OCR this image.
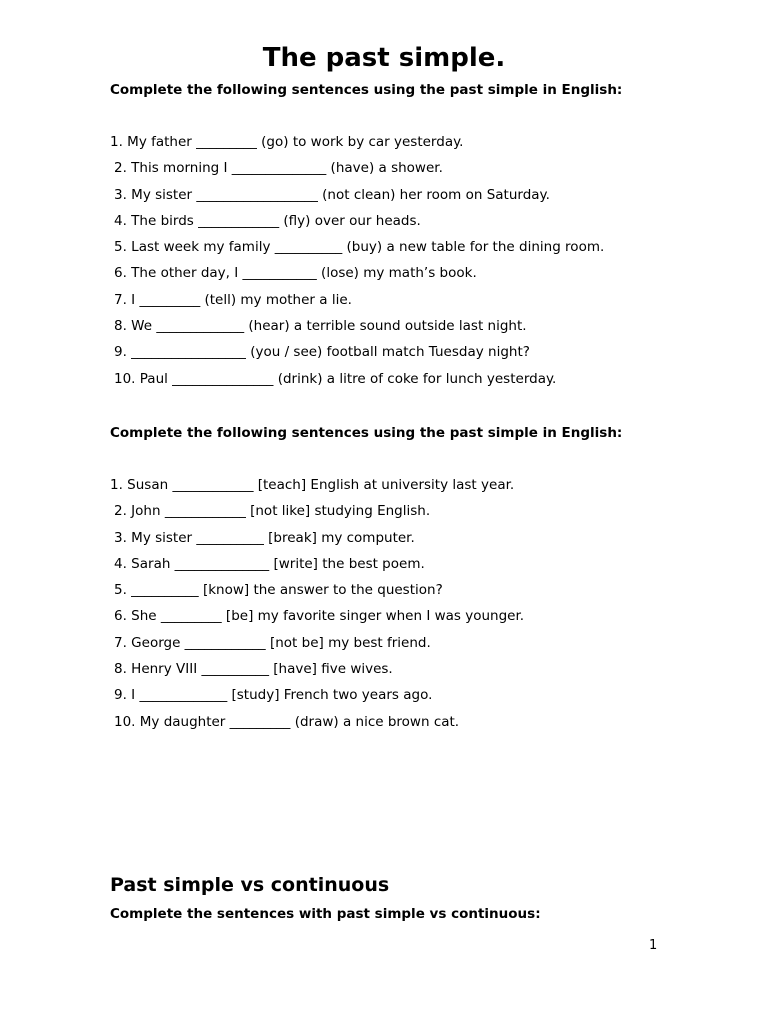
The past simple.
Complete the following sentences using the past simple in English:
1. My father _________ (go) to work by car yesterday.
2. This morning I ______________ (have) a shower.
3. My sister __________________ (not clean) her room on Saturday.
4. The birds ____________ (fly) over our heads.
5. Last week my family __________ (buy) a new table for the dining room.
6. The other day, I ___________ (lose) my math’s book.
7. I _________ (tell) my mother a lie.
8. We _____________ (hear) a terrible sound outside last night.
9. _________________ (you / see) football match Tuesday night?
10. Paul _______________ (drink) a litre of coke for lunch yesterday.
Complete the following sentences using the past simple in English:
1. Susan ____________ [teach] English at university last year.
2. John ____________ [not like] studying English.
3. My sister __________ [break] my computer.
4. Sarah ______________ [write] the best poem.
5. __________ [know] the answer to the question?
6. She _________ [be] my favorite singer when I was younger.
7. George ____________ [not be] my best friend.
8. Henry VIII __________ [have] five wives.
9. I _____________ [study] French two years ago.
10. My daughter _________ (draw) a nice brown cat.
Past simple vs continuous
Complete the sentences with past simple vs continuous:
1
